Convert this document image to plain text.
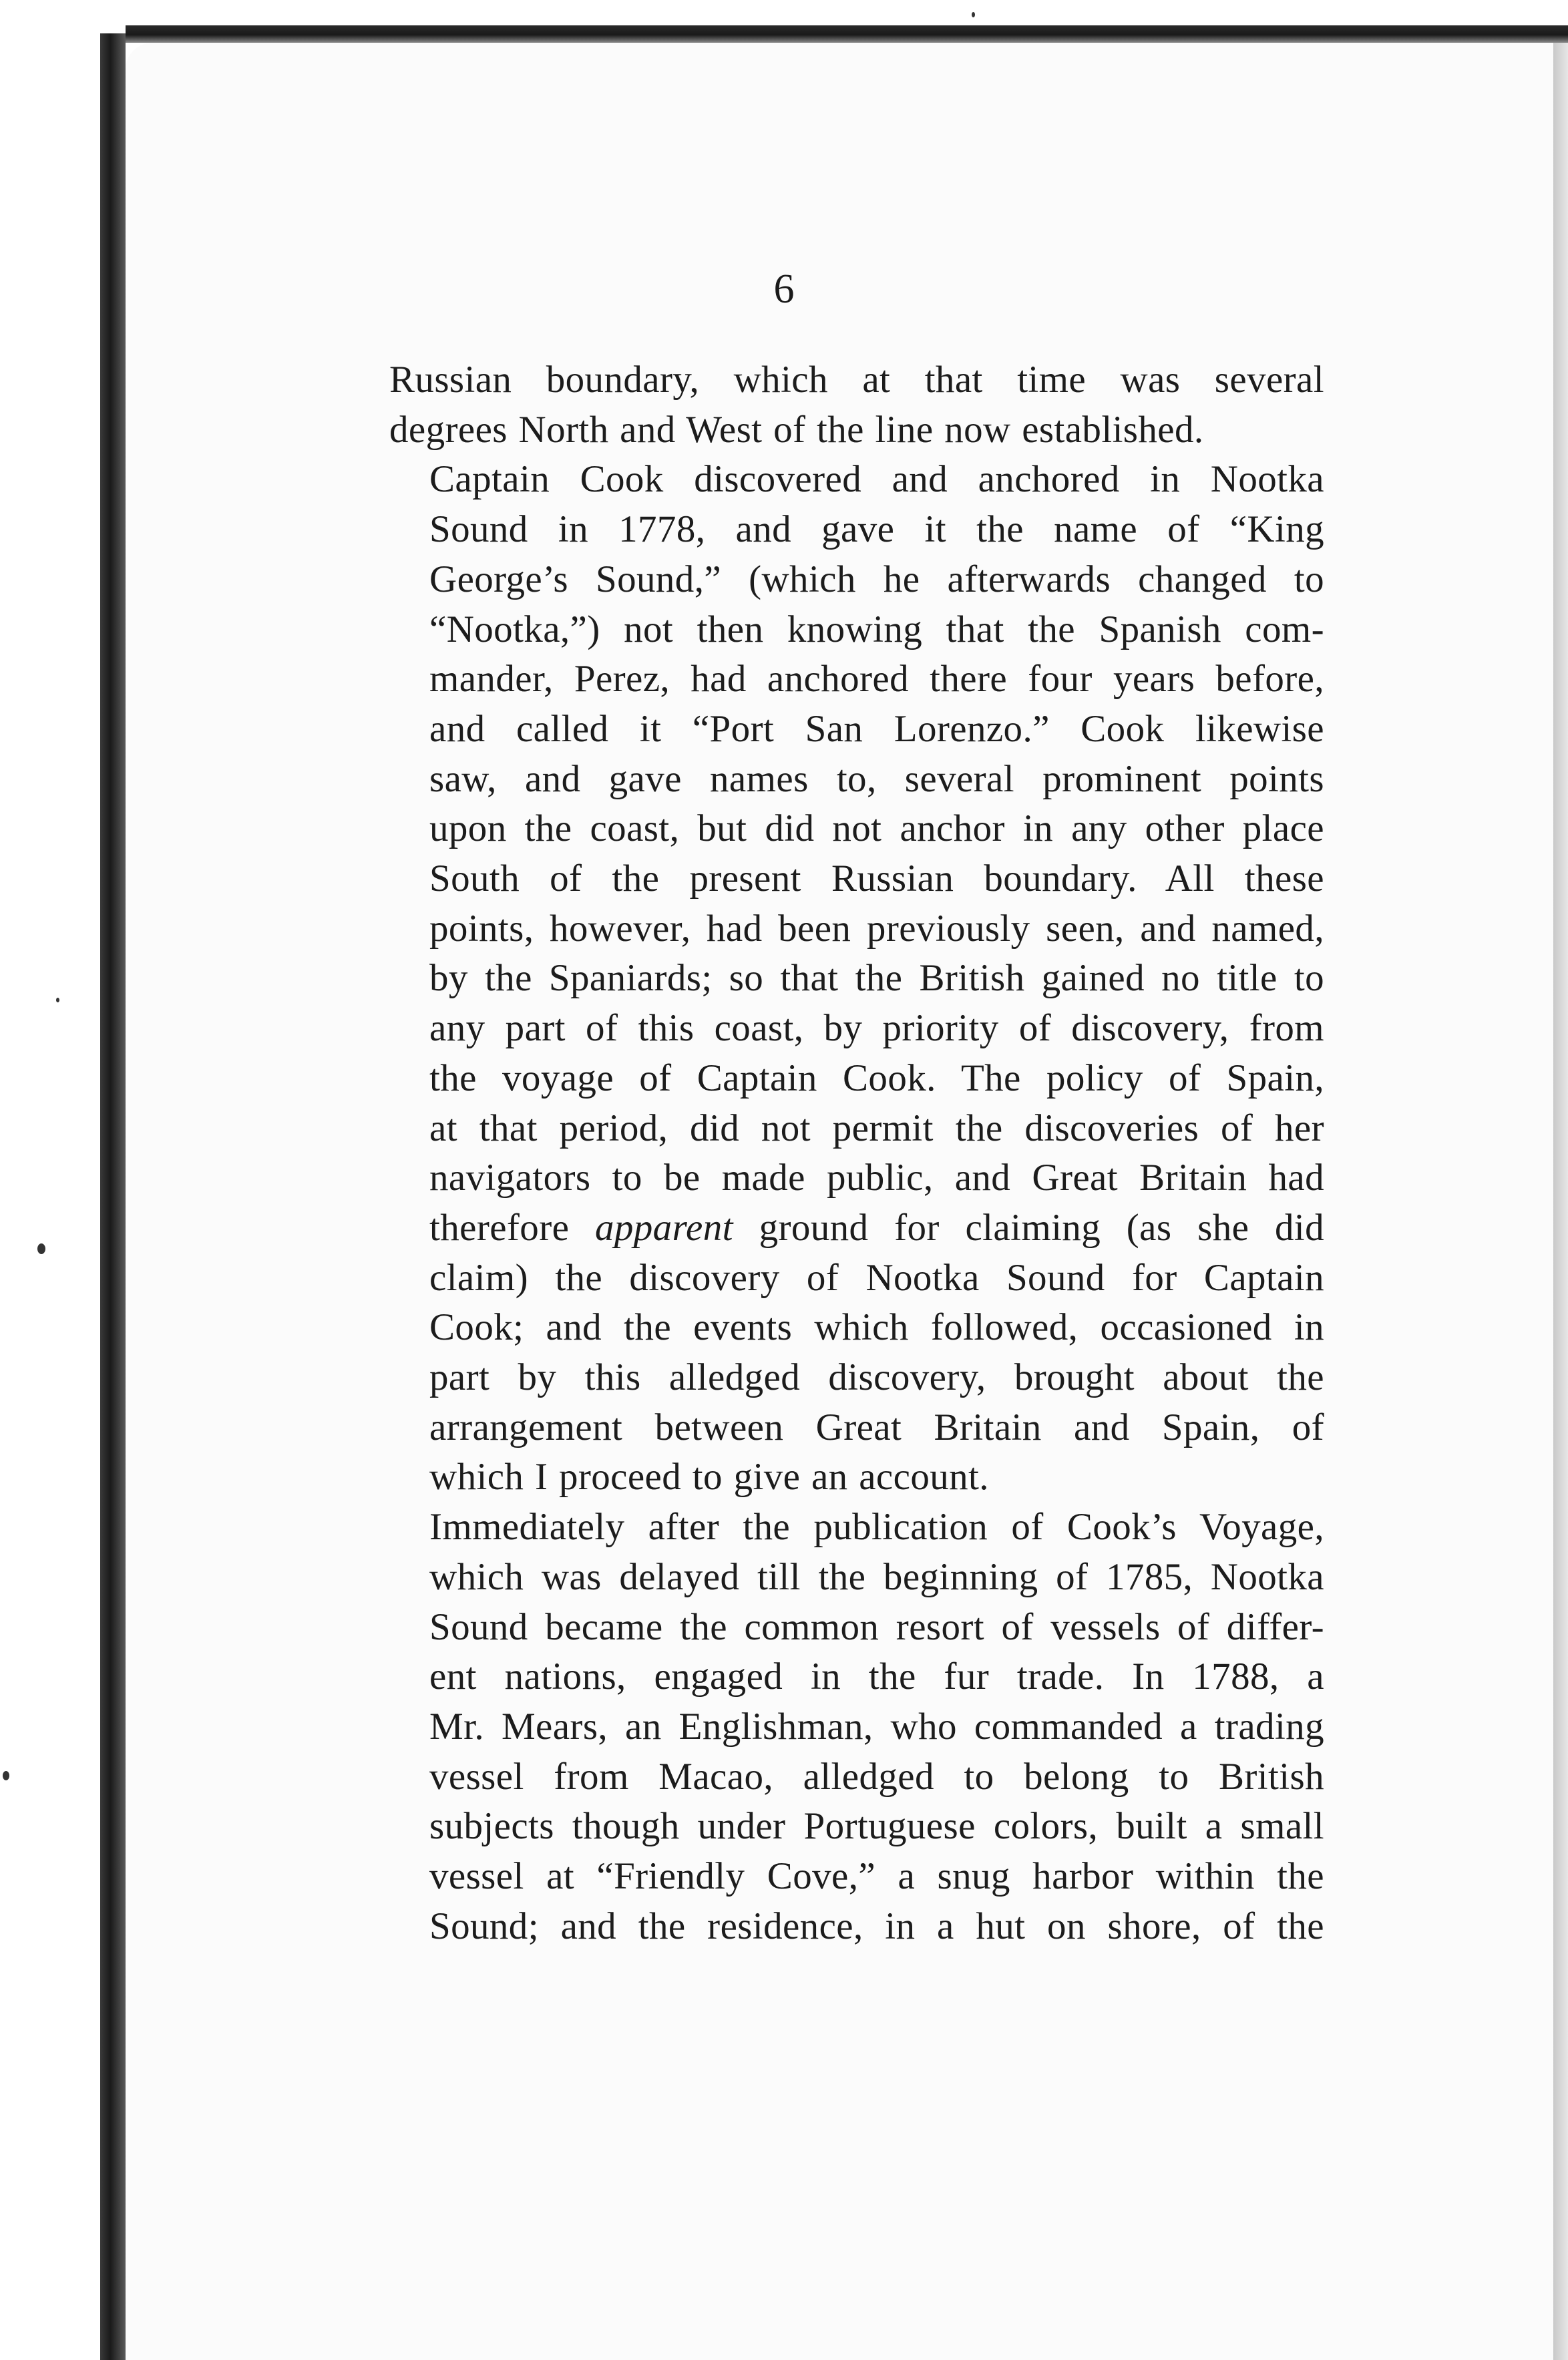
6

Russian boundary, which at that time was several
degrees North and West of the line now established.

Captain Cook discovered and anchored in Nootka
Sound in 1778, and gave it the name of “King
George’s Sound,” (which he afterwards changed to
“Nootka,”) not then knowing that the Spanish com-
mander, Perez, had anchored there four years before,
and called it “Port San Lorenzo.” Cook likewise
saw, and gave names to, several prominent points
upon the coast, but did not anchor in any other place
South of the present Russian boundary. All these
points, however, had been previously seen, and named,
by the Spaniards; so that the British gained no title to
any part of this coast, by priority of discovery, from
the voyage of Captain Cook. The policy of Spain,
at that period, did not permit the discoveries of her
navigators to be made public, and Great Britain had
therefore apparent ground for claiming (as she did
claim) the discovery of Nootka Sound for Captain
Cook; and the events which followed, occasioned in
part by this alledged discovery, brought about the
arrangement between Great Britain and Spain, of
which I proceed to give an account.

Immediately after the publication of Cook’s Voyage,
which was delayed till the beginning of 1785, Nootka
Sound became the common resort of vessels of differ-
ent nations, engaged in the fur trade. In 1788, a
Mr. Mears, an Englishman, who commanded a trading
vessel from Macao, alledged to belong to British
subjects though under Portuguese colors, built a small
vessel at “Friendly Cove,” a snug harbor within the
Sound; and the residence, in a hut on shore, of the
